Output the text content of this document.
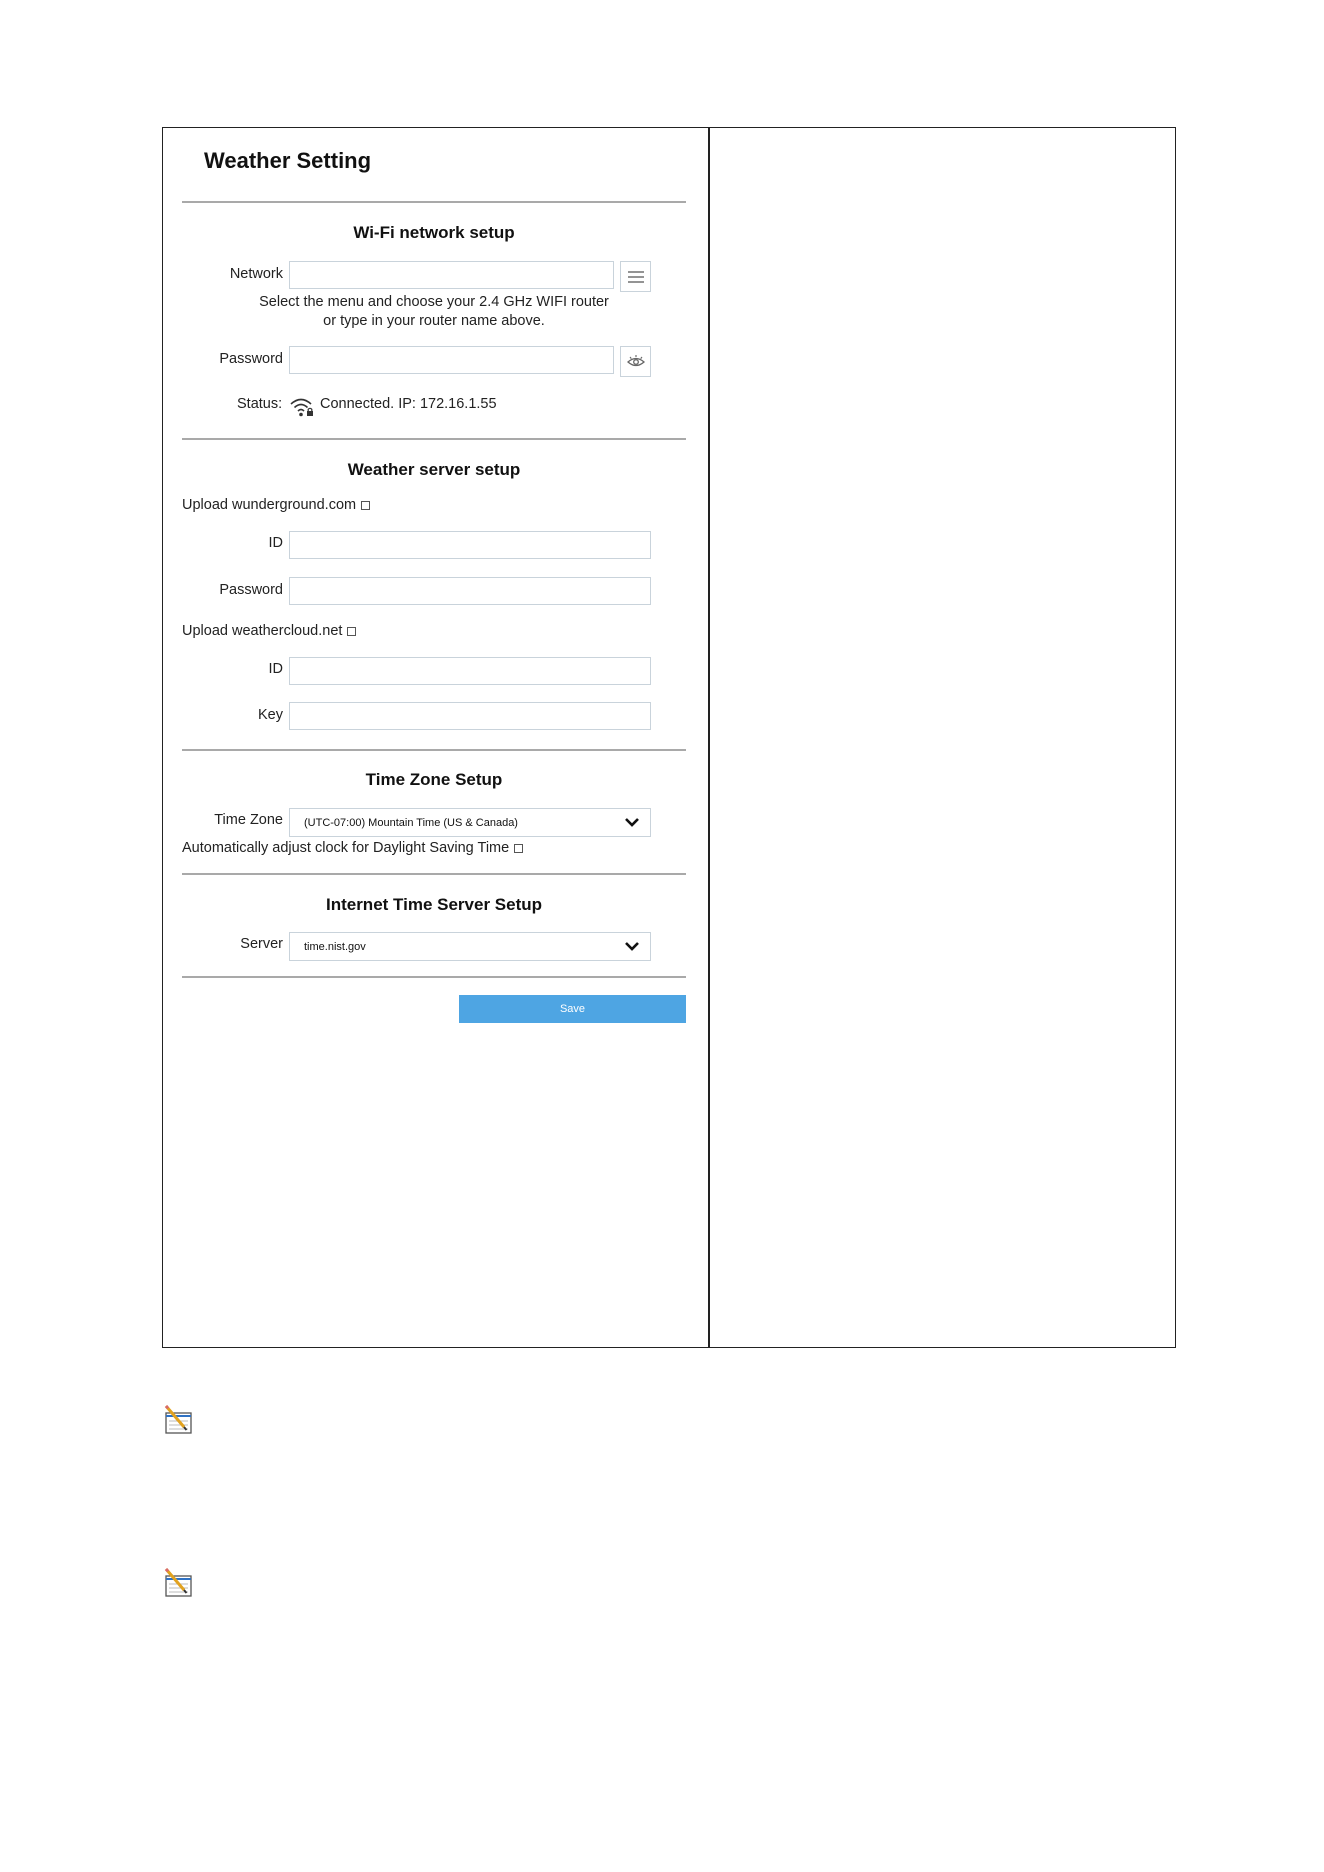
Weather Setting
Wi-Fi network setup
Network
Select the menu and choose your 2.4 GHz WIFI router
or type in your router name above.
Password
Status:	Connected. IP: 172.16.1.55
Weather server setup
Upload wunderground.com
ID
Password
Upload weathercloud.net
ID
Key
Time Zone Setup
Time Zone (UTC-07:00) Mountain Time (US & Canada)
Automatically adjust clock for Daylight Saving Time
Internet Time Server Setup
Server time.nist.gov
Save
